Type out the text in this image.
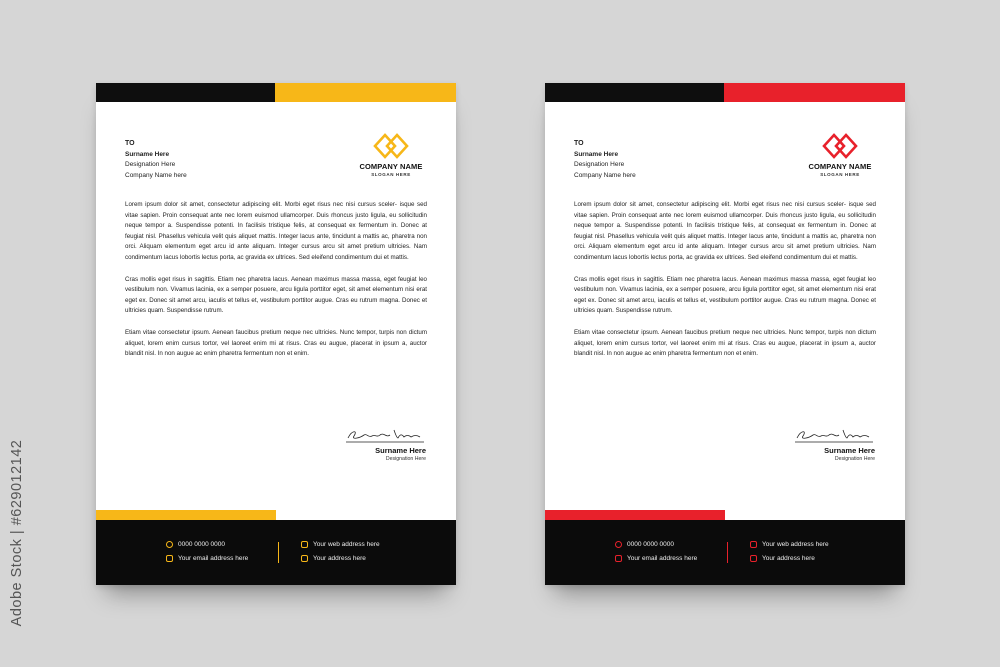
TO
Surname Here
Designation Here
Company Name here
COMPANY NAME
SLOGAN HERE

Lorem ipsum dolor sit amet, consectetur adipiscing elit. Morbi eget risus nec nisi cursus sceler- isque sed vitae sapien. Proin consequat ante nec lorem euismod ullamcorper. Duis rhoncus justo ligula, eu sollicitudin neque tempor a. Suspendisse potenti. In facilisis tristique felis, at consequat ex fermentum in. Donec at feugiat nisl. Phasellus vehicula velit quis aliquet mattis. Integer lacus ante, tincidunt a mattis ac, pharetra non orci. Aliquam elementum eget arcu id ante aliquam. Integer cursus arcu sit amet pretium ultricies. Nam condimentum lacus lobortis lectus porta, ac gravida ex ultrices. Sed eleifend condimentum dui et mattis.

Cras mollis eget risus in sagittis. Etiam nec pharetra lacus. Aenean maximus massa massa, eget feugiat leo vestibulum non. Vivamus lacinia, ex a semper posuere, arcu ligula porttitor eget, sit amet elementum nisi erat eget ex. Donec sit amet arcu, iaculis et tellus et, vestibulum porttitor augue. Cras eu rutrum magna. Donec et ultricies quam. Suspendisse rutrum.

Etiam vitae consectetur ipsum. Aenean faucibus pretium neque nec ultricies. Nunc tempor, turpis non dictum aliquet, lorem enim cursus tortor, vel laoreet enim mi at risus. Cras eu augue, placerat in ipsum a, auctor blandit nisl. In non augue ac enim pharetra fermentum non et enim.

Surname Here
Designation Here
0000 0000 0000
Your email address here
Your web address here
Your address here
TO
Surname Here
Designation Here
Company Name here
COMPANY NAME
SLOGAN HERE

Lorem ipsum dolor sit amet, consectetur adipiscing elit. Morbi eget risus nec nisi cursus sceler- isque sed vitae sapien. Proin consequat ante nec lorem euismod ullamcorper. Duis rhoncus justo ligula, eu sollicitudin neque tempor a. Suspendisse potenti. In facilisis tristique felis, at consequat ex fermentum in. Donec at feugiat nisl. Phasellus vehicula velit quis aliquet mattis. Integer lacus ante, tincidunt a mattis ac, pharetra non orci. Aliquam elementum eget arcu id ante aliquam. Integer cursus arcu sit amet pretium ultricies. Nam condimentum lacus lobortis lectus porta, ac gravida ex ultrices. Sed eleifend condimentum dui et mattis.

Cras mollis eget risus in sagittis. Etiam nec pharetra lacus. Aenean maximus massa massa, eget feugiat leo vestibulum non. Vivamus lacinia, ex a semper posuere, arcu ligula porttitor eget, sit amet elementum nisi erat eget ex. Donec sit amet arcu, iaculis et tellus et, vestibulum porttitor augue. Cras eu rutrum magna. Donec et ultricies quam. Suspendisse rutrum.

Etiam vitae consectetur ipsum. Aenean faucibus pretium neque nec ultricies. Nunc tempor, turpis non dictum aliquet, lorem enim cursus tortor, vel laoreet enim mi at risus. Cras eu augue, placerat in ipsum a, auctor blandit nisl. In non augue ac enim pharetra fermentum non et enim.

Surname Here
Designation Here
0000 0000 0000
Your email address here
Your web address here
Your address here
Adobe Stock | #629012142
